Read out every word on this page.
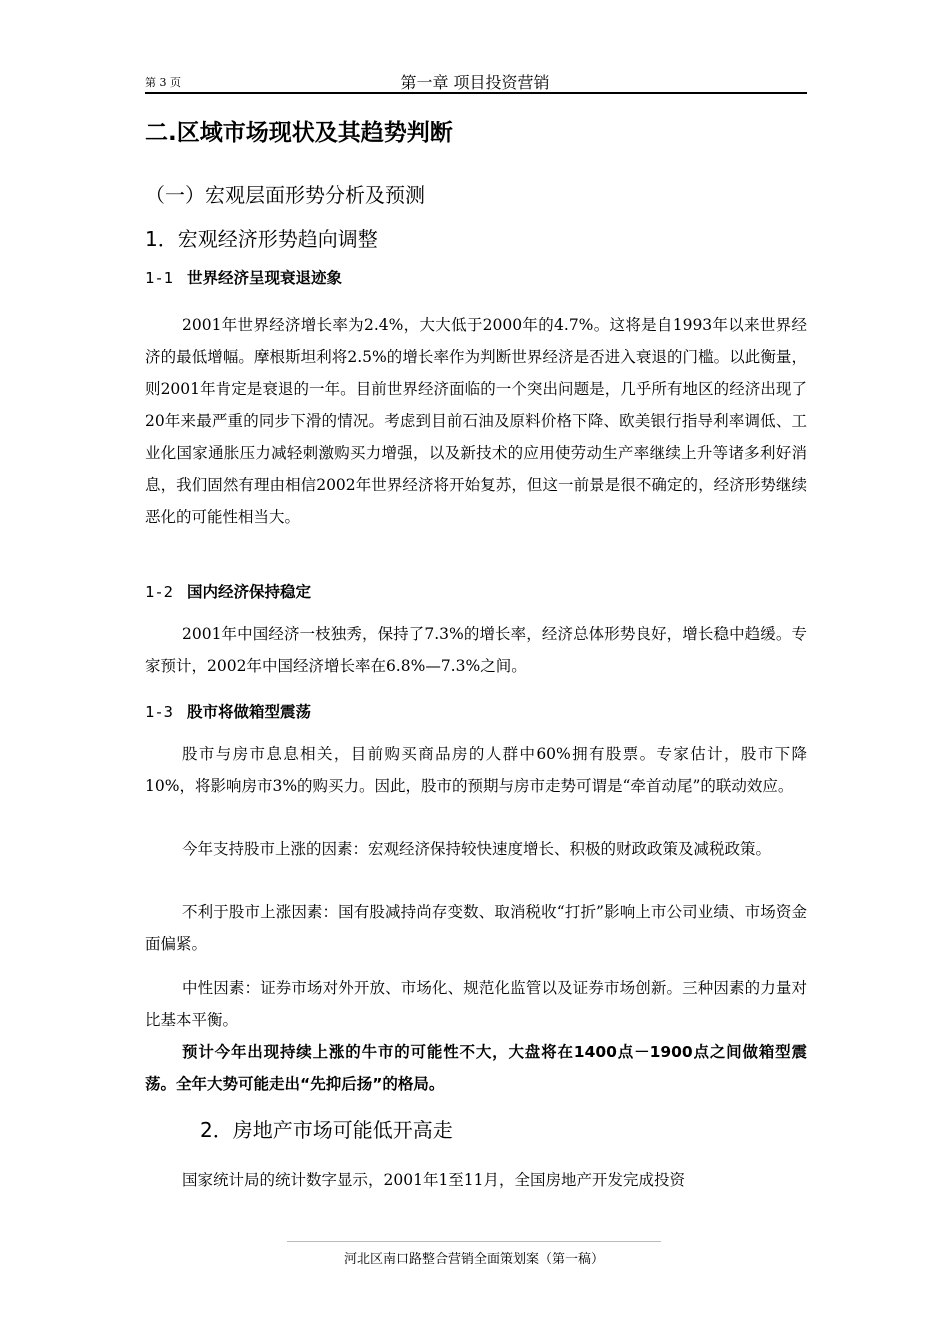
第 3 页	第一章 项目投资营销
二.区域市场现状及其趋势判断
（一）宏观层面形势分析及预测
1．宏观经济形势趋向调整
1-1 世界经济呈现衰退迹象

2001年世界经济增长率为2.4%，大大低于2000年的4.7%。这将是自1993年以来世界经济的最低增幅。摩根斯坦利将2.5%的增长率作为判断世界经济是否进入衰退的门槛。以此衡量，则2001年肯定是衰退的一年。目前世界经济面临的一个突出问题是，几乎所有地区的经济出现了20年来最严重的同步下滑的情况。考虑到目前石油及原料价格下降、欧美银行指导利率调低、工业化国家通胀压力减轻刺激购买力增强，以及新技术的应用使劳动生产率继续上升等诸多利好消息，我们固然有理由相信2002年世界经济将开始复苏，但这一前景是很不确定的，经济形势继续恶化的可能性相当大。

1-2 国内经济保持稳定

2001年中国经济一枝独秀，保持了7.3%的增长率，经济总体形势良好，增长稳中趋缓。专家预计，2002年中国经济增长率在6.8%—7.3%之间。

1-3 股市将做箱型震荡

股市与房市息息相关，目前购买商品房的人群中60%拥有股票。专家估计，股市下降10%，将影响房市3%的购买力。因此，股市的预期与房市走势可谓是“牵首动尾”的联动效应。

今年支持股市上涨的因素：宏观经济保持较快速度增长、积极的财政政策及减税政策。

不利于股市上涨因素：国有股减持尚存变数、取消税收“打折”影响上市公司业绩、市场资金面偏紧。

中性因素：证券市场对外开放、市场化、规范化监管以及证券市场创新。三种因素的力量对比基本平衡。

预计今年出现持续上涨的牛市的可能性不大，大盘将在1400点－1900点之间做箱型震荡。全年大势可能走出“先抑后扬”的格局。

2．房地产市场可能低开高走

国家统计局的统计数字显示，2001年1至11月，全国房地产开发完成投资

河北区南口路整合营销全面策划案（第一稿）
